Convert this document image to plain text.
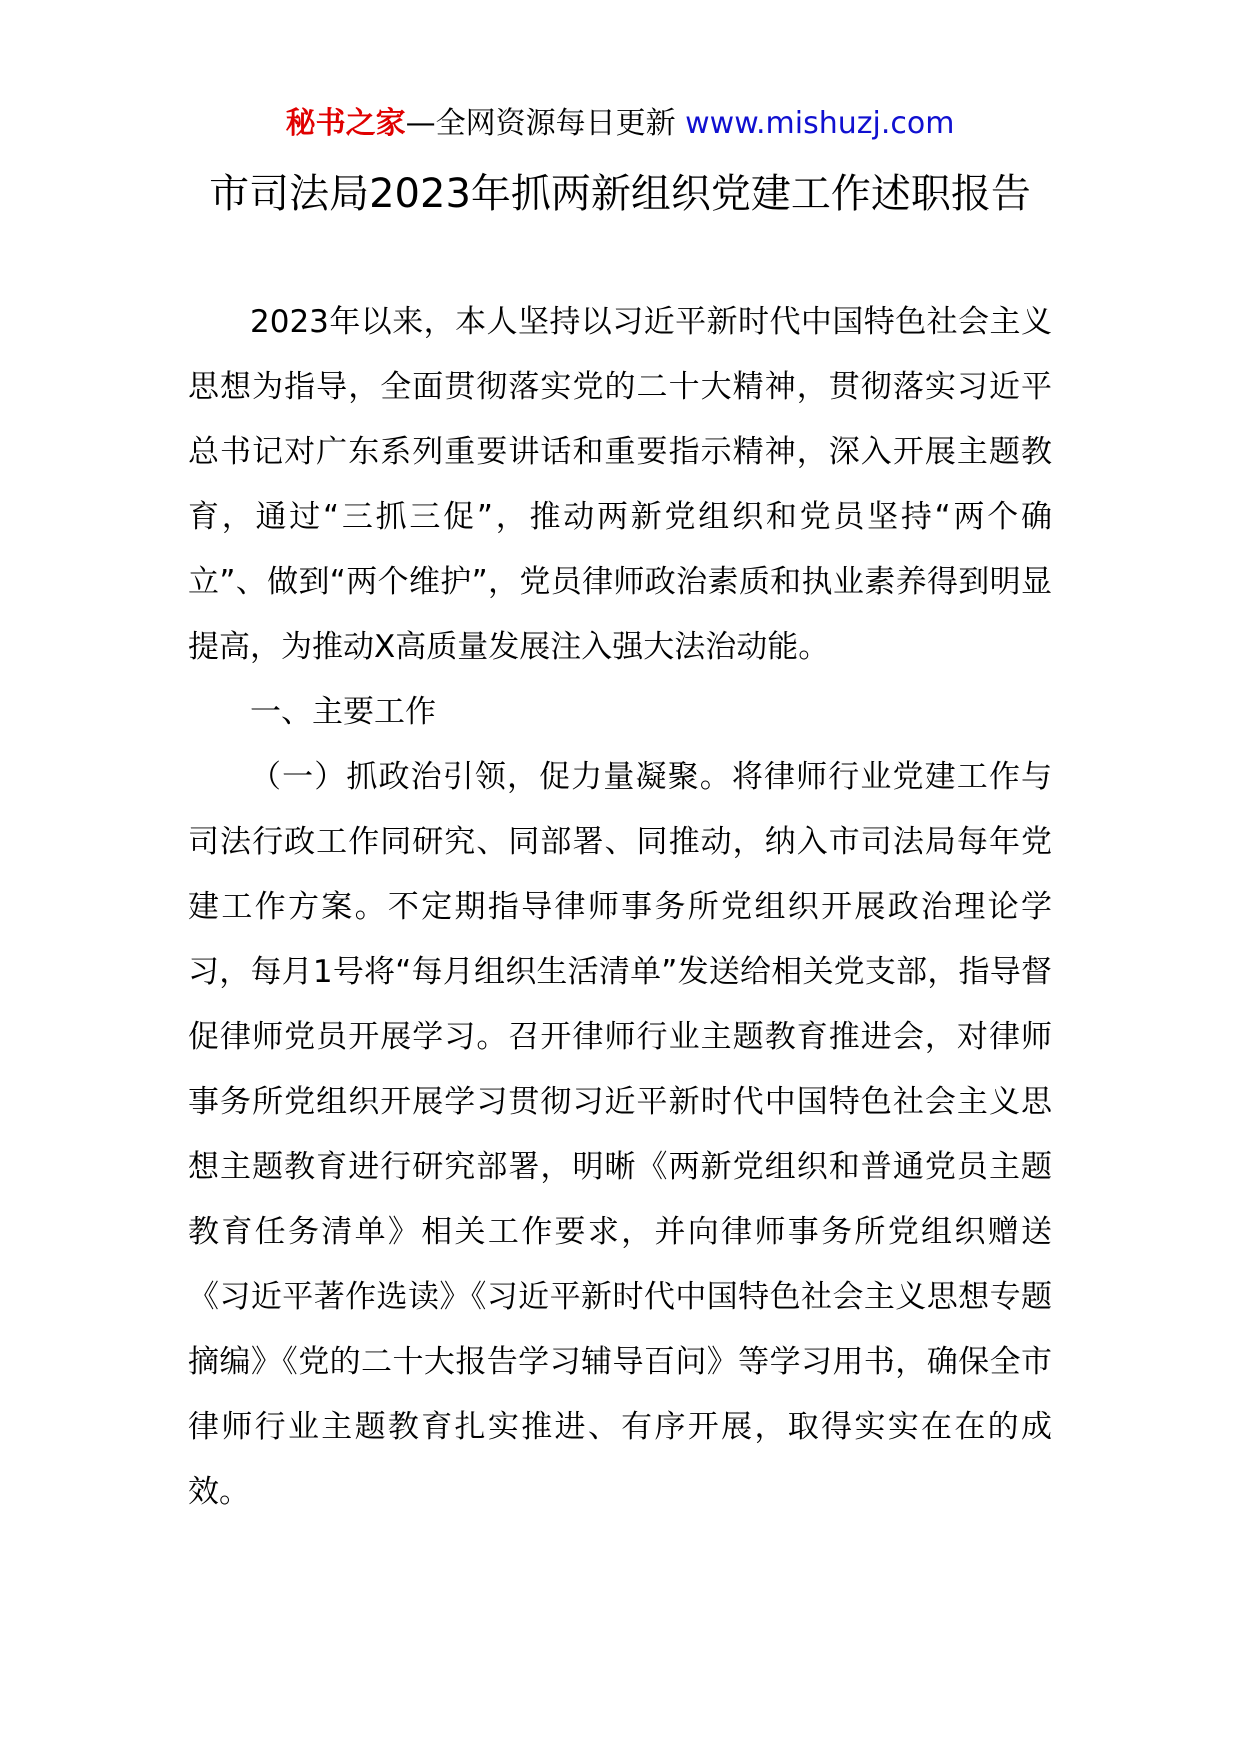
秘书之家—全网资源每日更新 www.mishuzj.com
市司法局2023年抓两新组织党建工作述职报告

2023年以来，本人坚持以习近平新时代中国特色社会主义思想为指导，全面贯彻落实党的二十大精神，贯彻落实习近平总书记对广东系列重要讲话和重要指示精神，深入开展主题教育，通过“三抓三促”，推动两新党组织和党员坚持“两个确立”、做到“两个维护”，党员律师政治素质和执业素养得到明显提高，为推动X高质量发展注入强大法治动能。

一、主要工作

（一）抓政治引领，促力量凝聚。将律师行业党建工作与司法行政工作同研究、同部署、同推动，纳入市司法局每年党建工作方案。不定期指导律师事务所党组织开展政治理论学习，每月1号将“每月组织生活清单”发送给相关党支部，指导督促律师党员开展学习。召开律师行业主题教育推进会，对律师事务所党组织开展学习贯彻习近平新时代中国特色社会主义思想主题教育进行研究部署，明晰《两新党组织和普通党员主题教育任务清单》相关工作要求，并向律师事务所党组织赠送《习近平著作选读》《习近平新时代中国特色社会主义思想专题摘编》《党的二十大报告学习辅导百问》等学习用书，确保全市律师行业主题教育扎实推进、有序开展，取得实实在在的成效。
